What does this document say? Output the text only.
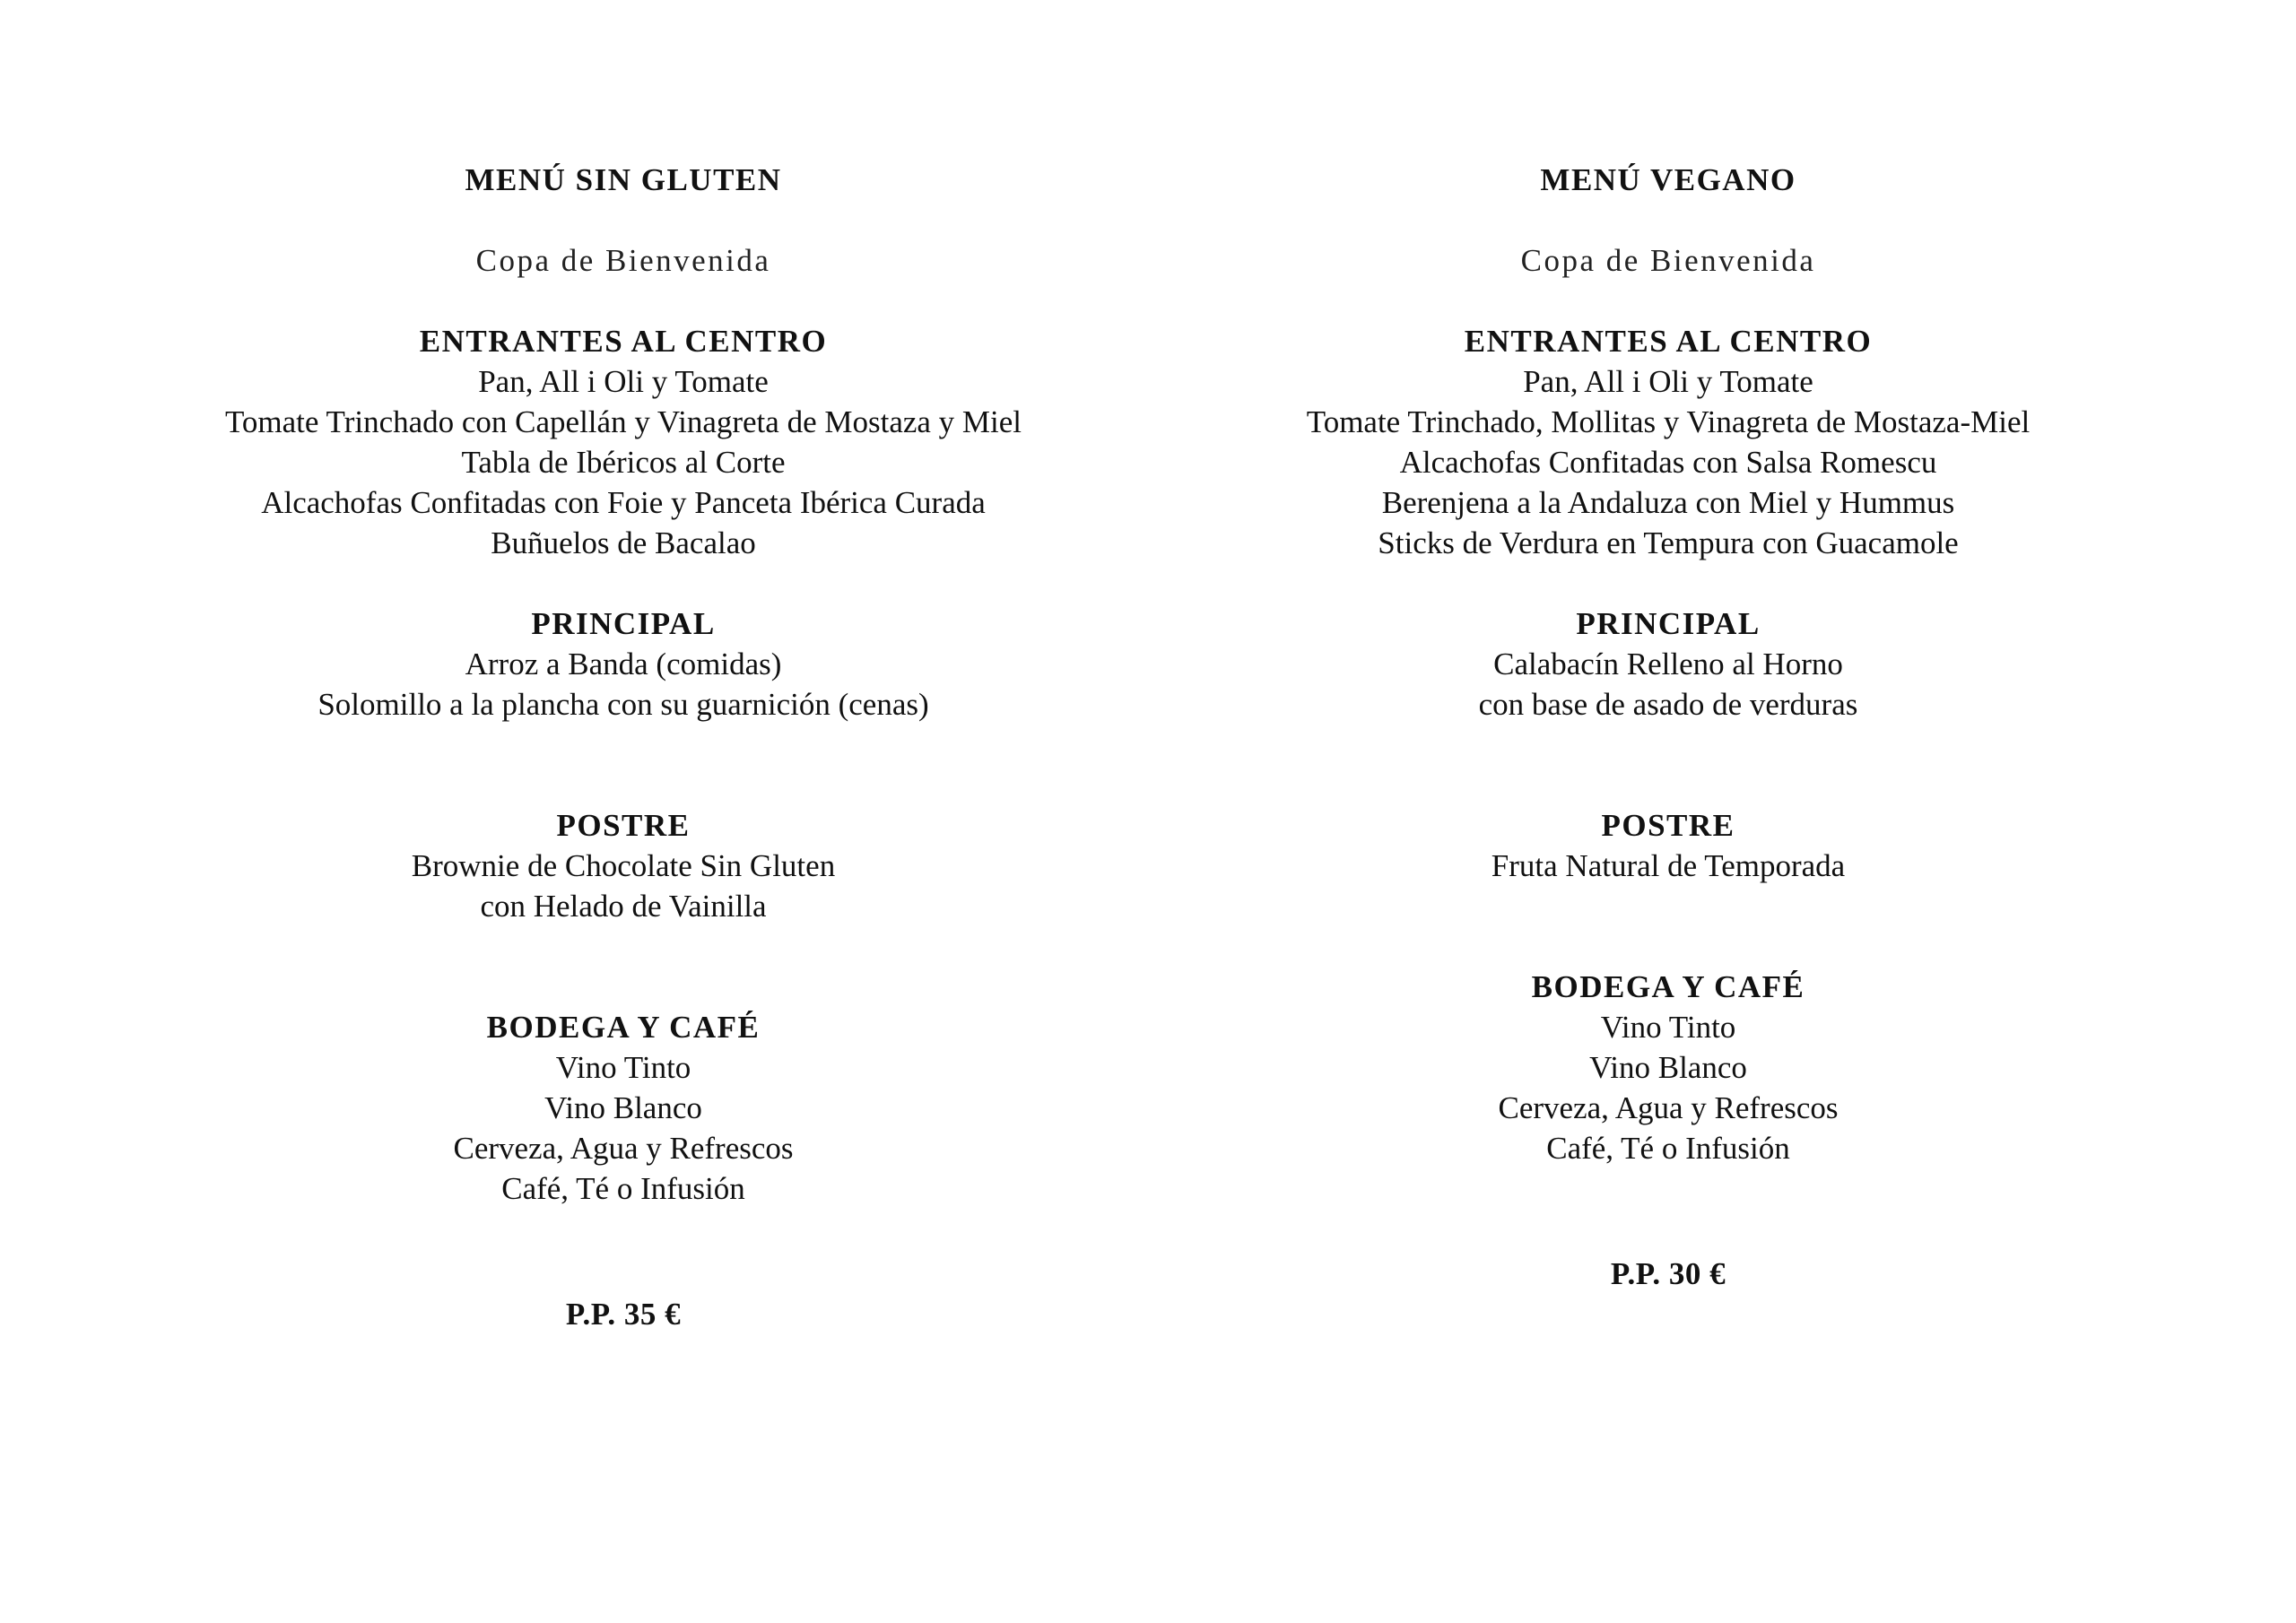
MENÚ SIN GLUTEN
Copa de Bienvenida
ENTRANTES AL CENTRO
Pan, All i Oli y Tomate
Tomate Trinchado con Capellán y Vinagreta de Mostaza y Miel
Tabla de Ibéricos al Corte
Alcachofas Confitadas con Foie y Panceta Ibérica Curada
Buñuelos de Bacalao
PRINCIPAL
Arroz a Banda (comidas)
Solomillo a la plancha con su guarnición (cenas)
POSTRE
Brownie de Chocolate Sin Gluten
con Helado de Vainilla
BODEGA Y CAFÉ
Vino Tinto
Vino Blanco
Cerveza, Agua y Refrescos
Café, Té o Infusión
P.P. 35 €
MENÚ VEGANO
Copa de Bienvenida
ENTRANTES AL CENTRO
Pan, All i Oli y Tomate
Tomate Trinchado, Mollitas y Vinagreta de Mostaza-Miel
Alcachofas Confitadas con Salsa Romescu
Berenjena a la Andaluza con Miel y Hummus
Sticks de Verdura en Tempura con Guacamole
PRINCIPAL
Calabacín Relleno al Horno
con base de asado de verduras
POSTRE
Fruta Natural de Temporada
BODEGA Y CAFÉ
Vino Tinto
Vino Blanco
Cerveza, Agua y Refrescos
Café, Té o Infusión
P.P. 30 €
